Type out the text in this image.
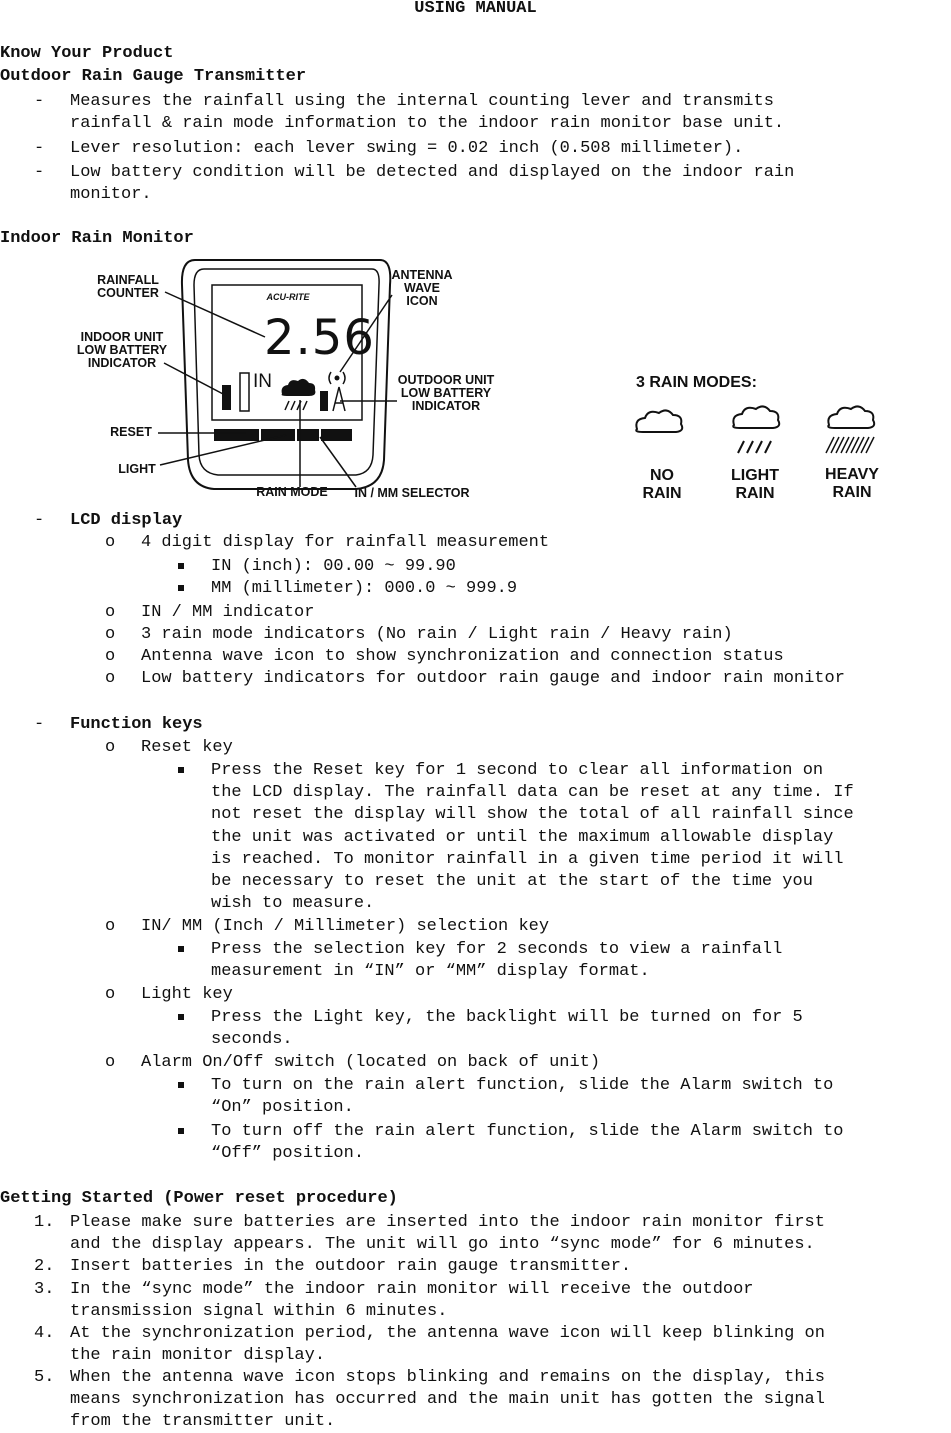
USING MANUAL
Know Your Product
Outdoor Rain Gauge Transmitter
- Measures the rainfall using the internal counting lever and transmits
rainfall & rain mode information to the indoor rain monitor base unit.
- Lever resolution: each lever swing = 0.02 inch (0.508 millimeter).
- Low battery condition will be detected and displayed on the indoor rain
monitor.
Indoor Rain Monitor
ACU-RITE
2.56
IN
RAINFALL
COUNTER
ANTENNA
WAVE
ICON
INDOOR UNIT
LOW BATTERY
INDICATOR
OUTDOOR UNIT
LOW BATTERY
INDICATOR
RESET
LIGHT
RAIN MODE	IN / MM SELECTOR
3 RAIN MODES:
NO
RAIN
LIGHT
RAIN
HEAVY
RAIN
- LCD display
o 4 digit display for rainfall measurement
IN (inch): 00.00 ~ 99.90
MM (millimeter): 000.0 ~ 999.9
o IN / MM indicator
o 3 rain mode indicators (No rain / Light rain / Heavy rain)
o Antenna wave icon to show synchronization and connection status
o Low battery indicators for outdoor rain gauge and indoor rain monitor
- Function keys
o Reset key
Press the Reset key for 1 second to clear all information on
the LCD display. The rainfall data can be reset at any time. If
not reset the display will show the total of all rainfall since
the unit was activated or until the maximum allowable display
is reached. To monitor rainfall in a given time period it will
be necessary to reset the unit at the start of the time you
wish to measure.
o IN/ MM (Inch / Millimeter) selection key
Press the selection key for 2 seconds to view a rainfall
measurement in “IN” or “MM” display format.
o Light key
Press the Light key, the backlight will be turned on for 5
seconds.
o Alarm On/Off switch (located on back of unit)
To turn on the rain alert function, slide the Alarm switch to
“On” position.
To turn off the rain alert function, slide the Alarm switch to
“Off” position.
Getting Started (Power reset procedure)
1. Please make sure batteries are inserted into the indoor rain monitor first
and the display appears. The unit will go into “sync mode” for 6 minutes.
2. Insert batteries in the outdoor rain gauge transmitter.
3. In the “sync mode” the indoor rain monitor will receive the outdoor
transmission signal within 6 minutes.
4. At the synchronization period, the antenna wave icon will keep blinking on
the rain monitor display.
5. When the antenna wave icon stops blinking and remains on the display, this
means synchronization has occurred and the main unit has gotten the signal
from the transmitter unit.
